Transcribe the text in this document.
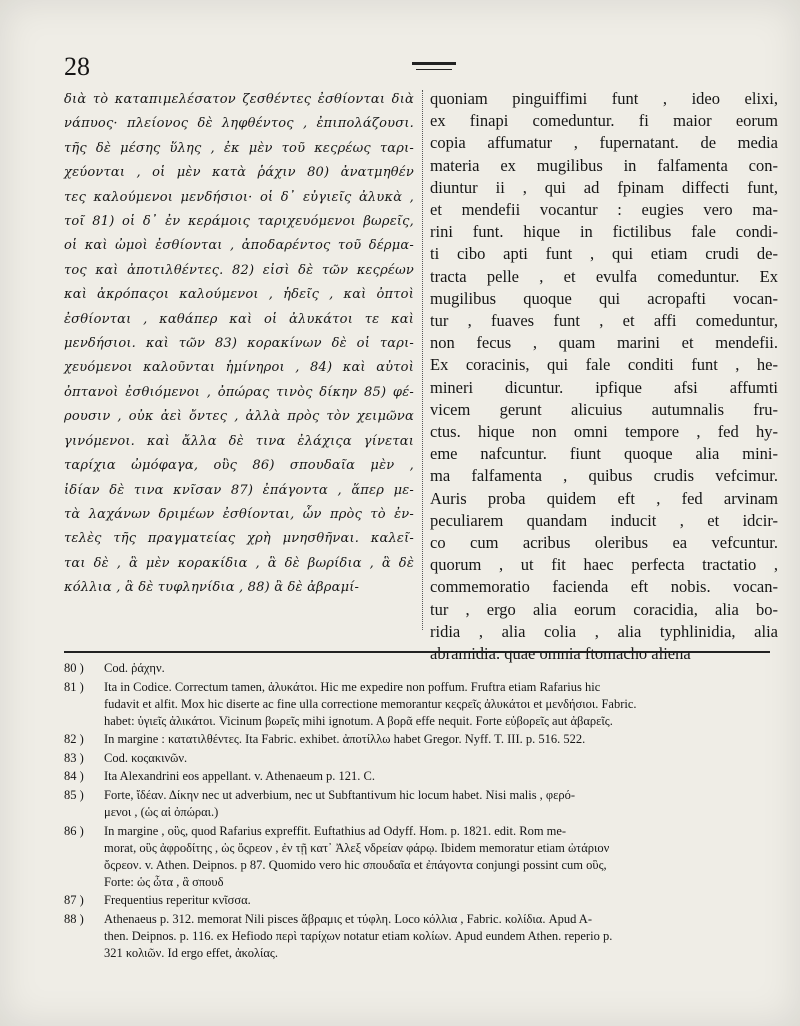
28
διὰ τὸ καταπιμελέσατον ζεσθέντες ἐσθίονται διὰ
νάπυος· πλείονος δὲ ληφθέντος , ἐπιπολάζουσι.
τῆς δὲ μέσης ὕλης , ἐκ μὲν τοῦ κεςρέως ταρι-
χεύονται , οἱ μὲν κατὰ ῥάχιν 80) ἀνατμηθέν
τες καλούμενοι μενδήσιοι· οἱ δ᾽ εὐγιεῖς ἀλυκὰ ,
τοῖ 81) οἱ δ᾽ ἐν κεράμοις ταριχευόμενοι βωρεῖς,
οἱ καὶ ὠμοὶ ἐσθίονται , ἀποδαρέντος τοῦ δέρμα-
τος καὶ ἀποτιλθέντες. 82) εἰσὶ δὲ τῶν κεςρέων
καὶ ἀκρόπαςοι καλούμενοι , ἡδεῖς , καὶ ὀπτοὶ
ἐσθίονται , καθάπερ καὶ οἱ ἀλυκάτοι τε καὶ
μενδήσιοι. καὶ τῶν 83) κορακίνων δὲ οἱ ταρι-
χευόμενοι καλοῦνται ἡμίνηροι , 84) καὶ αὐτοὶ
ὀπτανοὶ ἐσθιόμενοι , ὀπώρας τινὸς δίκην 85) φέ-
ρουσιν , οὐκ ἀεὶ ὄντες , ἀλλὰ πρὸς τὸν χειμῶνα
γινόμενοι. καὶ ἄλλα δὲ τινα ἐλάχιςα γίνεται
ταρίχια ὠμόφαγα, οὓς 86) σπουδαῖα μὲν ,
ἰδίαν δὲ τινα κνῖσαν 87) ἐπάγοντα , ἅπερ με-
τὰ λαχάνων δριμέων ἐσθίονται, ὧν πρὸς τὸ ἐν-
τελὲς τῆς πραγματείας χρὴ μνησθῆναι. καλεῖ-
ται δὲ , ἃ μὲν κορακίδια , ἃ δὲ βωρίδια , ἃ δὲ
κόλλια , ἃ δὲ τυφληνίδια , 88) ἃ δὲ ἀβραμί-
quoniam pinguiffimi funt , ideo elixi,
ex finapi comeduntur. fi maior eorum
copia affumatur , fupernatant. de media
materia ex mugilibus in falfamenta con-
diuntur ii , qui ad fpinam diffecti funt,
et mendefii vocantur : eugies vero ma-
rini funt. hique in fictilibus fale condi-
ti cibo apti funt , qui etiam crudi de-
tracta pelle , et evulfa comeduntur. Ex
mugilibus quoque qui acropafti vocan-
tur , fuaves funt , et affi comeduntur,
non fecus , quam marini et mendefii.
Ex coracinis, qui fale conditi funt , he-
mineri dicuntur. ipfique afsi affumti
vicem gerunt alicuius autumnalis fru-
ctus. hique non omni tempore , fed hy-
eme nafcuntur. fiunt quoque alia mini-
ma falfamenta , quibus crudis vefcimur.
Auris proba quidem eft , fed arvinam
peculiarem quandam inducit , et idcir-
co cum acribus oleribus ea vefcuntur.
quorum , ut fit haec perfecta tractatio ,
commemoratio facienda eft nobis. vocan-
tur , ergo alia eorum coracidia, alia bo-
ridia , alia colia , alia typhlinidia, alia
abramidia. quae omnia ftomacho aliena
80 )	Cod. ῥάχην.
81 )	Ita in Codice. Correctum tamen, ἀλυκάτοι. Hic me expedire non poffum. Fruftra etiam Rafarius hic
fudavit et alfit. Mox hic diserte ac fine ulla correctione memorantur κεςρεῖς ἀλυκάτοι et μενδήσιοι. Fabric.
habet: ὑγιεῖς ἀλικάτοι. Vicinum βωρεῖς mihi ignotum. A βορᾶ effe nequit. Forte εὐβορεῖς aut ἀβαρεῖς.
82 )	In margine : κατατιλθέντες. Ita Fabric. exhibet. ἀποτίλλω habet Gregor. Nyff. T. III. p. 516. 522.
83 )	Cod. κοςακινῶν.
84 )	Ita Alexandrini eos appellant. v. Athenaeum p. 121. C.
85 )	Forte, ἴδέαν. Δίκην nec ut adverbium, nec ut Subftantivum hic locum habet. Nisi malis , φερό-
μενοι , (ὡς αἱ ὀπώραι.)
86 )	In margine , οὓς, quod Rafarius expreffit. Euftathius ad Odyff. Hom. p. 1821. edit. Rom me-
morat, οὓς ἀφροδίτης , ὡς ὄςρεον , ἐν τῇ κατ᾽ Ἀλεξ νδρείαν φάρῳ. Ibidem memoratur etiam ὠτάριον
ὄςρεον. v. Athen. Deipnos. p 87. Quomido vero hic σπουδαῖα et ἐπάγοντα conjungi possint cum οὓς,
Forte: ὡς ὦτα , ἃ σπουδ
87 )	Frequentius reperitur κνῖσσα.
88 )	Athenaeus p. 312. memorat Nili pisces ἄβραμις et τύφλη. Loco κόλλια , Fabric. κολίδια. Apud A-
then. Deipnos. p. 116. ex Hefiodo περὶ ταρίχων notatur etiam κολίων. Apud eundem Athen. reperio p.
321 κολιῶν. Id ergo effet, ἀκολίας.
